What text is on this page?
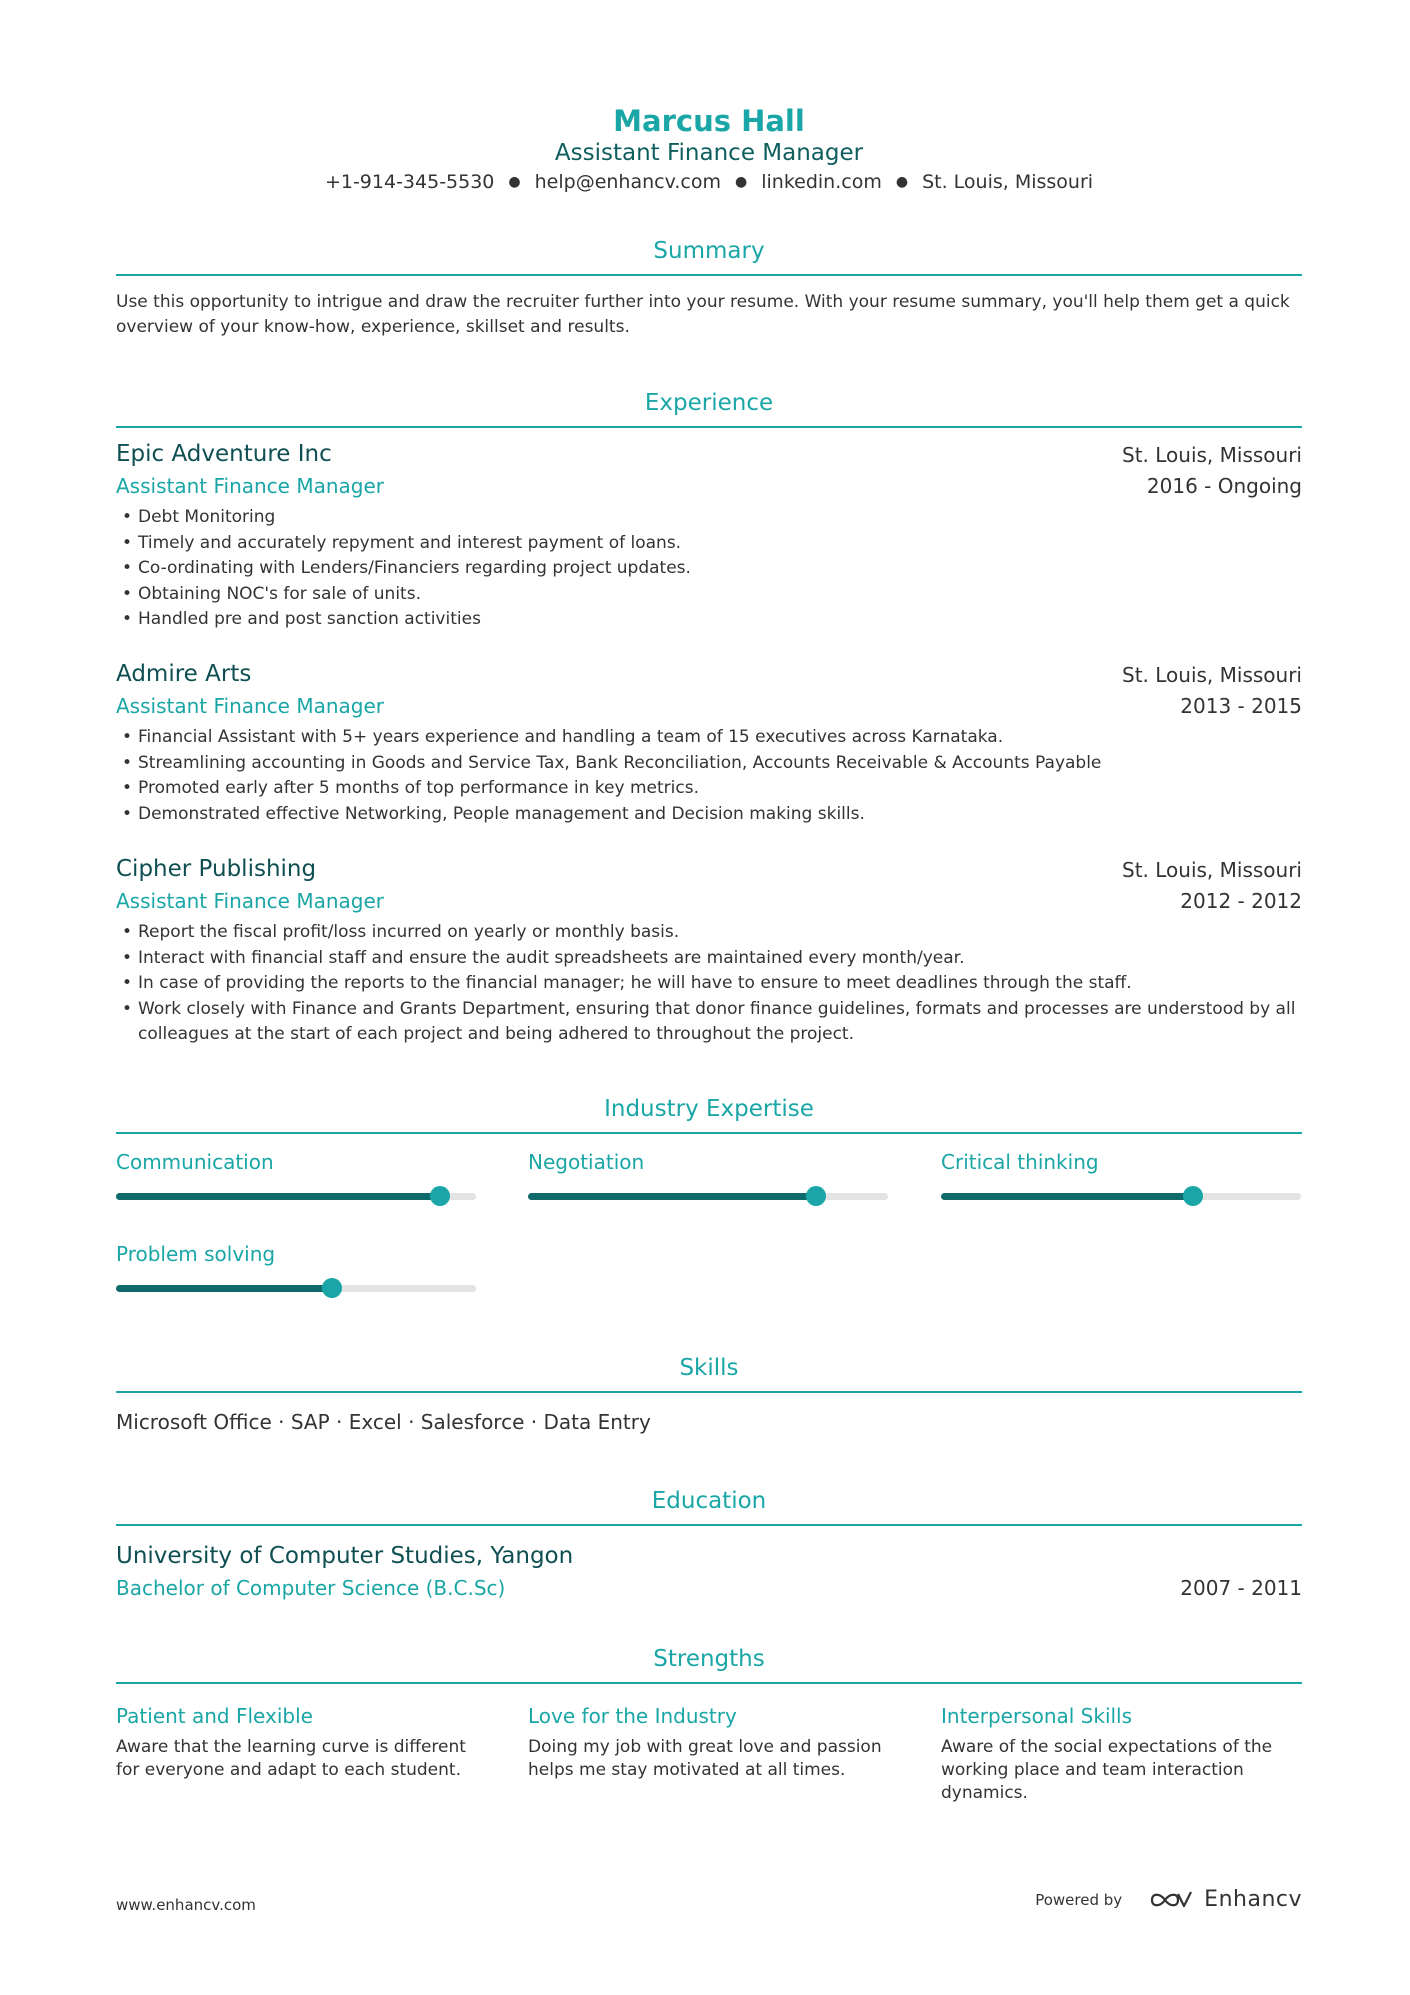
Marcus Hall
Assistant Finance Manager
+1-914-345-5530 ● help@enhancv.com ● linkedin.com ● St. Louis, Missouri
Summary
Use this opportunity to intrigue and draw the recruiter further into your resume. With your resume summary, you'll help them get a quick overview of your know-how, experience, skillset and results.
Experience
Epic Adventure Inc	St. Louis, Missouri
Assistant Finance Manager	2016 - Ongoing
• Debt Monitoring
• Timely and accurately repyment and interest payment of loans.
• Co-ordinating with Lenders/Financiers regarding project updates.
• Obtaining NOC's for sale of units.
• Handled pre and post sanction activities
Admire Arts	St. Louis, Missouri
Assistant Finance Manager	2013 - 2015
• Financial Assistant with 5+ years experience and handling a team of 15 executives across Karnataka.
• Streamlining accounting in Goods and Service Tax, Bank Reconciliation, Accounts Receivable & Accounts Payable
• Promoted early after 5 months of top performance in key metrics.
• Demonstrated effective Networking, People management and Decision making skills.
Cipher Publishing	St. Louis, Missouri
Assistant Finance Manager	2012 - 2012
• Report the fiscal profit/loss incurred on yearly or monthly basis.
• Interact with financial staff and ensure the audit spreadsheets are maintained every month/year.
• In case of providing the reports to the financial manager; he will have to ensure to meet deadlines through the staff.
• Work closely with Finance and Grants Department, ensuring that donor finance guidelines, formats and processes are understood by all colleagues at the start of each project and being adhered to throughout the project.
Industry Expertise
Communication	Negotiation	Critical thinking
Problem solving
Skills
Microsoft Office · SAP · Excel · Salesforce · Data Entry
Education
University of Computer Studies, Yangon
Bachelor of Computer Science (B.C.Sc)	2007 - 2011
Strengths
Patient and Flexible
Aware that the learning curve is different for everyone and adapt to each student.
Love for the Industry
Doing my job with great love and passion helps me stay motivated at all times.
Interpersonal Skills
Aware of the social expectations of the working place and team interaction dynamics.
www.enhancv.com	Powered by	Enhancv
